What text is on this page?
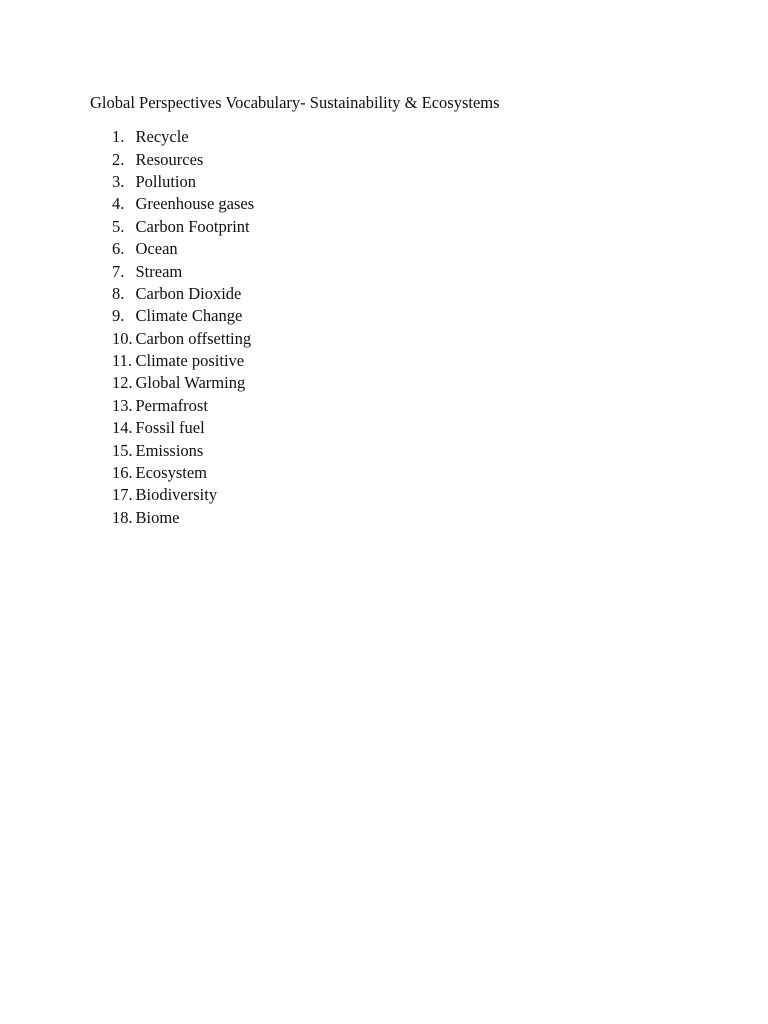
Global Perspectives Vocabulary- Sustainability & Ecosystems
1. Recycle
2. Resources
3. Pollution
4. Greenhouse gases
5. Carbon Footprint
6. Ocean
7. Stream
8. Carbon Dioxide
9. Climate Change
10. Carbon offsetting
11. Climate positive
12. Global Warming
13. Permafrost
14. Fossil fuel
15. Emissions
16. Ecosystem
17. Biodiversity
18. Biome
